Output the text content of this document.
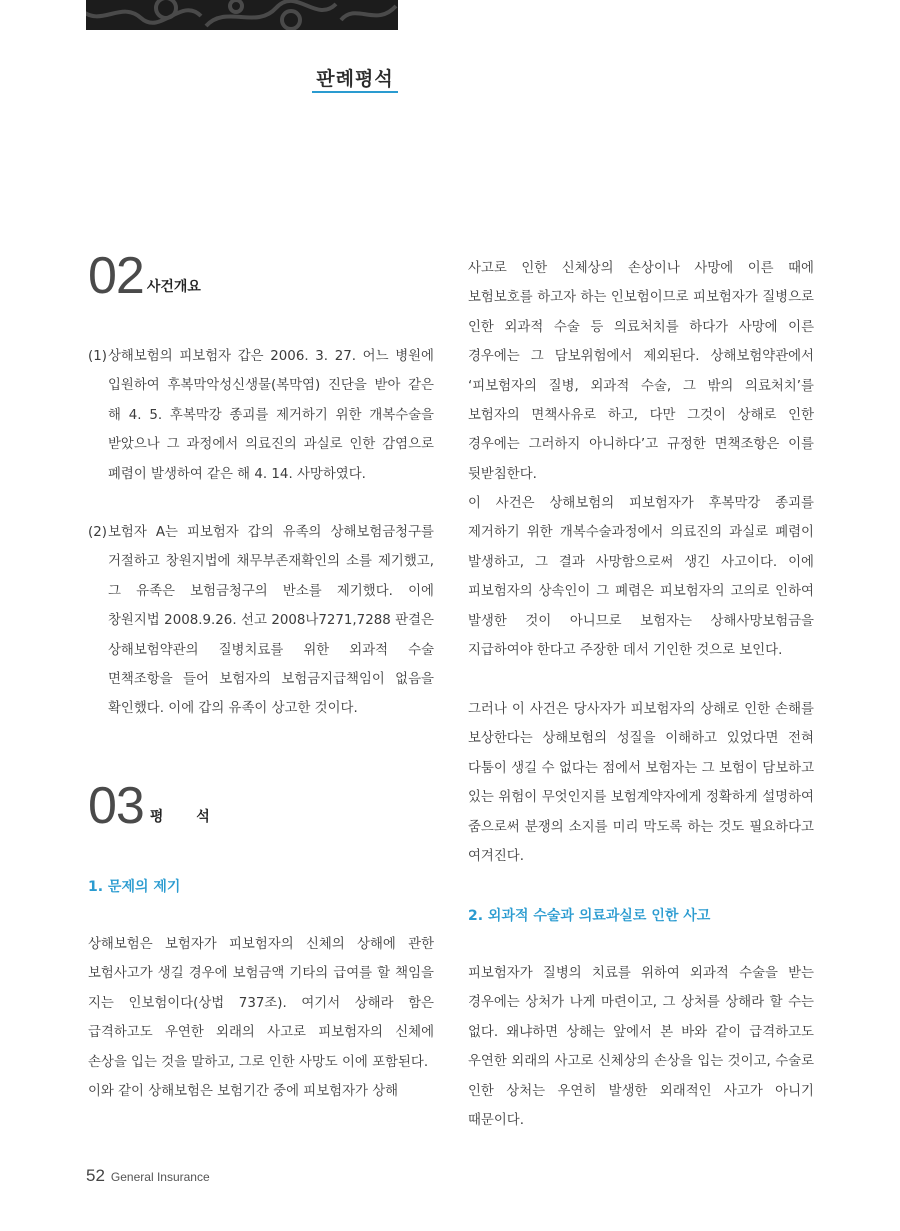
판례평석
02 사건개요
(1) 상해보험의 피보험자 갑은 2006. 3. 27. 어느 병원에 입원하여 후복막악성신생물(복막염) 진단을 받아 같은 해 4. 5. 후복막강 종괴를 제거하기 위한 개복수술을 받았으나 그 과정에서 의료진의 과실로 인한 감염으로 폐렴이 발생하여 같은 해 4. 14. 사망하였다.
(2) 보험자 A는 피보험자 갑의 유족의 상해보험금청구를 거절하고 창원지법에 채무부존재확인의 소를 제기했고, 그 유족은 보험금청구의 반소를 제기했다. 이에 창원지법 2008.9.26. 선고 2008나7271,7288 판결은 상해보험약관의 질병치료를 위한 외과적 수술 면책조항을 들어 보험자의 보험금지급책임이 없음을 확인했다. 이에 갑의 유족이 상고한 것이다.
03 평 석
1. 문제의 제기

상해보험은 보험자가 피보험자의 신체의 상해에 관한 보험사고가 생길 경우에 보험금액 기타의 급여를 할 책임을 지는 인보험이다(상법 737조). 여기서 상해라 함은 급격하고도 우연한 외래의 사고로 피보험자의 신체에 손상을 입는 것을 말하고, 그로 인한 사망도 이에 포함된다.

이와 같이 상해보험은 보험기간 중에 피보험자가 상해

사고로 인한 신체상의 손상이나 사망에 이른 때에 보험보호를 하고자 하는 인보험이므로 피보험자가 질병으로 인한 외과적 수술 등 의료처치를 하다가 사망에 이른 경우에는 그 담보위험에서 제외된다. 상해보험약관에서 ‘피보험자의 질병, 외과적 수술, 그 밖의 의료처치’를 보험자의 면책사유로 하고, 다만 그것이 상해로 인한 경우에는 그러하지 아니하다’고 규정한 면책조항은 이를 뒷받침한다.

이 사건은 상해보험의 피보험자가 후복막강 종괴를 제거하기 위한 개복수술과정에서 의료진의 과실로 폐렴이 발생하고, 그 결과 사망함으로써 생긴 사고이다. 이에 피보험자의 상속인이 그 폐렴은 피보험자의 고의로 인하여 발생한 것이 아니므로 보험자는 상해사망보험금을 지급하여야 한다고 주장한 데서 기인한 것으로 보인다.

그러나 이 사건은 당사자가 피보험자의 상해로 인한 손해를 보상한다는 상해보험의 성질을 이해하고 있었다면 전혀 다툼이 생길 수 없다는 점에서 보험자는 그 보험이 담보하고 있는 위험이 무엇인지를 보험계약자에게 정확하게 설명하여 줌으로써 분쟁의 소지를 미리 막도록 하는 것도 필요하다고 여겨진다.

2. 외과적 수술과 의료과실로 인한 사고

피보험자가 질병의 치료를 위하여 외과적 수술을 받는 경우에는 상처가 나게 마련이고, 그 상처를 상해라 할 수는 없다. 왜냐하면 상해는 앞에서 본 바와 같이 급격하고도 우연한 외래의 사고로 신체상의 손상을 입는 것이고, 수술로 인한 상처는 우연히 발생한 외래적인 사고가 아니기 때문이다.

52 General Insurance
